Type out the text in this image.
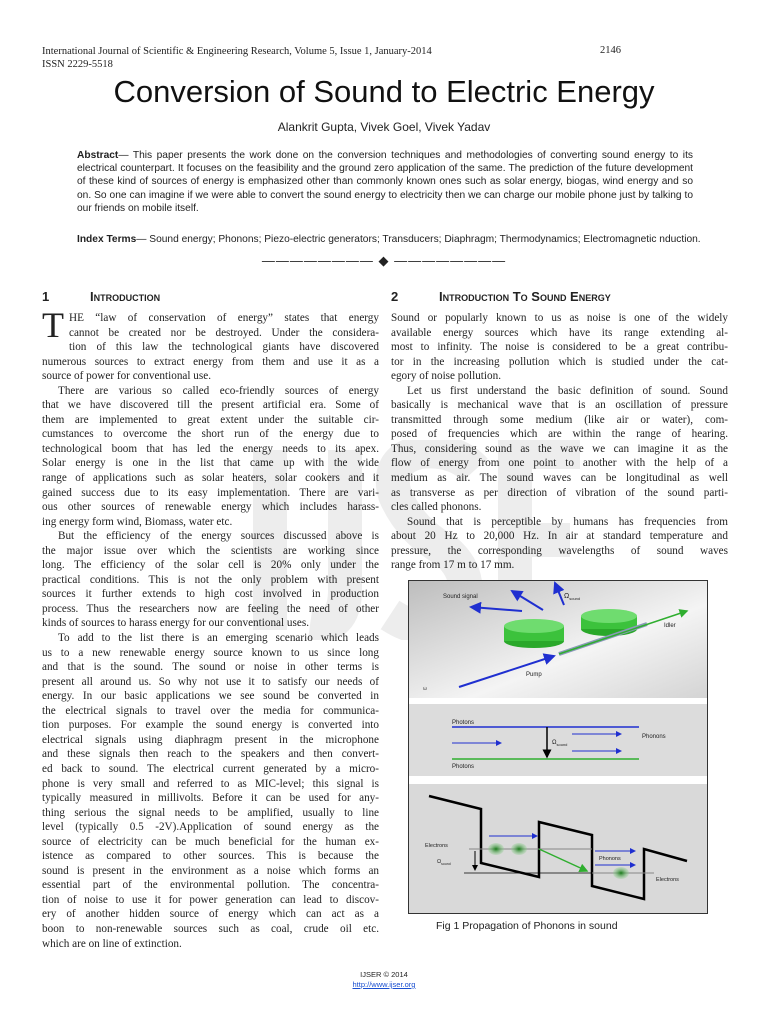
International Journal of Scientific & Engineering Research, Volume 5, Issue 1, January-2014
ISSN 2229-5518
2146
Conversion of Sound to Electric Energy
Alankrit Gupta, Vivek Goel, Vivek Yadav
Abstract— This paper presents the work done on the conversion techniques and methodologies of converting sound energy to its electrical counterpart. It focuses on the feasibility and the ground zero application of the same. The prediction of the future development of these kind of sources of energy is emphasized other than commonly known ones such as solar energy, biogas, wind energy and so on. So one can imagine if we were able to convert the sound energy to electricity then we can charge our mobile phone just by talking to our friends on mobile itself.
Index Terms— Sound energy; Phonons; Piezo-electric generators; Transducers; Diaphragm; Thermodynamics; Electromagnetic nduction.
———————— ◆ ————————
1	Introduction	2	Introduction To Sound Energy
T HE “law of conservation of energy” states that energy
cannot be created nor be destroyed. Under the considera-
tion of this law the technological giants have discovered
numerous sources to extract energy from them and use it as a
source of power for conventional use.
There are various so called eco-friendly sources of energy
that we have discovered till the present artificial era. Some of
them are implemented to great extent under the suitable cir-
cumstances to overcome the short run of the energy due to
technological boom that has led the energy needs to its apex.
Solar energy is one in the list that came up with the wide
range of applications such as solar heaters, solar cookers and it
gained success due to its easy implementation. There are vari-
ous other sources of renewable energy which includes harass-
ing energy form wind, Biomass, water etc.
But the efficiency of the energy sources discussed above is
the major issue over which the scientists are working since
long. The efficiency of the solar cell is 20% only under the
practical conditions. This is not the only problem with present
sources it further extends to high cost involved in production
process. Thus the researchers now are feeling the need of other
kinds of sources to harass energy for our conventional uses.
To add to the list there is an emerging scenario which leads
us to a new renewable energy source known to us since long
and that is the sound. The sound or noise in other terms is
present all around us. So why not use it to satisfy our needs of
energy. In our basic applications we see sound be converted in
the electrical signals to travel over the media for communica-
tion purposes. For example the sound energy is converted into
electrical signals using diaphragm present in the microphone
and these signals then reach to the speakers and then convert-
ed back to sound. The electrical current generated by a micro-
phone is very small and referred to as MIC-level; this signal is
typically measured in millivolts. Before it can be used for any-
thing serious the signal needs to be amplified, usually to line
level (typically 0.5 -2V).Application of sound energy as the
source of electricity can be much beneficial for the human ex-
istence as compared to other sources. This is because the
sound is present in the environment as a noise which forms an
essential part of the environmental pollution. The concentra-
tion of noise to use it for power generation can lead to discov-
ery of another hidden source of energy which can act as a
boon to non-renewable sources such as coal, crude oil etc.
which are on line of extinction.
Sound or popularly known to us as noise is one of the widely
available energy sources which have its range extending al-
most to infinity. The noise is considered to be a great contribu-
tor in the increasing pollution which is studied under the cat-
egory of noise pollution.
Let us first understand the basic definition of sound. Sound
basically is mechanical wave that is an oscillation of pressure
transmitted through some medium (like air or water), com-
posed of frequencies which are within the range of hearing.
Thus, considering sound as the wave we can imagine it as the
flow of energy from one point to another with the help of a
medium as air. The sound waves can be longitudinal as well
as transverse as per direction of vibration of the sound parti-
cles called phonons.
Sound that is perceptible by humans has frequencies from
about 20 Hz to 20,000 Hz. In air at standard temperature and
pressure, the corresponding wavelengths of sound waves
range from 17 m to 17 mm.
Sound signal	$\Omega_{sound}$
Idler
Pump
ω
Photons
Photons
$\Omega_{sound}$
Phonons
Electrons
$\Omega_{sound}$
Phonons
Electrons
Fig 1 Propagation of Phonons in sound
IJSER © 2014
http://www.ijser.org
